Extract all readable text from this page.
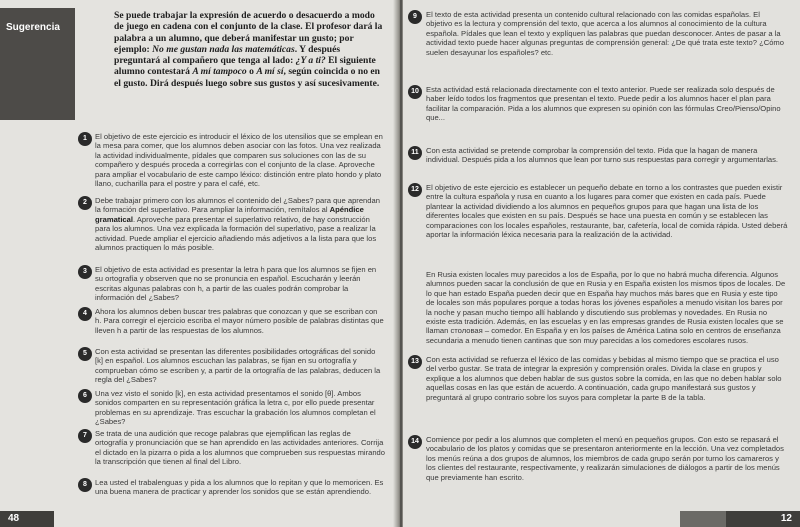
Sugerencia

Se puede trabajar la expresión de acuerdo o desacuerdo a modo de juego en cadena con el conjunto de la clase. El profesor dará la palabra a un alumno, que deberá manifestar un gusto; por ejemplo: No me gustan nada las matemáticas. Y después preguntará al compañero que tenga al lado: ¿Y a ti? El siguiente alumno contestará A mí tampoco o A mí sí, según coincida o no en el gusto. Dirá después luego sobre sus gustos y así sucesivamente.

1	El objetivo de este ejercicio es introducir el léxico de los utensilios que se emplean en la mesa para comer, que los alumnos deben asociar con las fotos. Una vez realizada la actividad individualmente, pídales que comparen sus soluciones con las de su compañero y después proceda a corregirlas con el conjunto de la clase. Aproveche para ampliar el vocabulario de este campo léxico: distinción entre plato hondo y plato llano, cucharilla para el postre y para el café, etc.

2	Debe trabajar primero con los alumnos el contenido del ¿Sabes? para que aprendan la formación del superlativo. Para ampliar la información, remítalos al Apéndice gramatical. Aproveche para presentar el superlativo relativo, de hay construcción para los alumnos. Una vez explicada la formación del superlativo, pase a realizar la actividad. Puede ampliar el ejercicio añadiendo más adjetivos a la lista para que los alumnos practiquen lo más posible.

3	El objetivo de esta actividad es presentar la letra h para que los alumnos se fijen en su ortografía y observen que no se pronuncia en español. Escucharán y leerán escritas algunas palabras con h, a partir de las cuales podrán comprobar la información del ¿Sabes?

4	Ahora los alumnos deben buscar tres palabras que conozcan y que se escriban con h. Para corregir el ejercicio escriba el mayor número posible de palabras distintas que lleven h a partir de las respuestas de los alumnos.

5	Con esta actividad se presentan las diferentes posibilidades ortográficas del sonido [k] en español. Los alumnos escuchan las palabras, se fijan en su ortografía y comprueban cómo se escriben y, a partir de la ortografía de las palabras, deducen la regla del ¿Sabes?

6	Una vez visto el sonido [k], en esta actividad presentamos el sonido [θ]. Ambos sonidos comparten en su representación gráfica la letra c, por ello puede presentar problemas en su aprendizaje. Tras escuchar la grabación los alumnos completan el ¿Sabes?

7	Se trata de una audición que recoge palabras que ejemplifican las reglas de ortografía y pronunciación que se han aprendido en las actividades anteriores. Corrija el dictado en la pizarra o pida a los alumnos que comprueben sus respuestas mirando la transcripción que tienen al final del Libro.

8	Lea usted el trabalenguas y pida a los alumnos que lo repitan y que lo memoricen. Es una buena manera de practicar y aprender los sonidos que se están aprendiendo.

48
9	El texto de esta actividad presenta un contenido cultural relacionado con las comidas españolas. El objetivo es la lectura y comprensión del texto, que acerca a los alumnos al conocimiento de la cultura española. Pídales que lean el texto y explíquen las palabras que puedan desconocer. Antes de pasar a la actividad texto puede hacer algunas preguntas de comprensión general: ¿De qué trata este texto? ¿Cómo suelen desayunar los españoles? etc.

10 Esta actividad está relacionada directamente con el texto anterior. Puede ser realizada solo después de haber leído todos los fragmentos que presentan el texto. Puede pedir a los alumnos hacer el plan para facilitar la comparación. Pida a los alumnos que expresen su opinión con las fórmulas Creo/Pienso/Opino que...

11 Con esta actividad se pretende comprobar la comprensión del texto. Pida que la hagan de manera individual. Después pida a los alumnos que lean por turno sus respuestas para corregir y argumentarlas.

12 El objetivo de este ejercicio es establecer un pequeño debate en torno a los contrastes que pueden existir entre la cultura española y rusa en cuanto a los lugares para comer que existen en cada país. Puede plantear la actividad dividiendo a los alumnos en pequeños grupos para que hagan una lista de los diferentes locales que existen en su país. Después se hace una puesta en común y se establecen las comparaciones con los locales españoles, restaurante, bar, cafetería, local de comida rápida. Usted deberá aportar la información léxica necesaria para la realización de la actividad.

En Rusia existen locales muy parecidos a los de España, por lo que no habrá mucha diferencia. Algunos alumnos pueden sacar la conclusión de que en Rusia y en España existen los mismos tipos de locales. De lo que han estado España pueden decir que en España hay muchos más bares que en Rusia y este tipo de locales son más populares porque a todas horas los jóvenes españoles a menudo visitan los bares por la noche y pasan mucho tiempo allí hablando y discutiendo sus problemas y novedades. En Rusia no existe esta tradición. Además, en las escuelas y en las empresas grandes de Rusia existen locales que se llaman столовая – comedor. En España y en los países de América Latina solo en centros de enseñanza secundaria a menudo tienen cantinas que son muy parecidas a los comedores escolares rusos.

13 Con esta actividad se refuerza el léxico de las comidas y bebidas al mismo tiempo que se practica el uso del verbo gustar. Se trata de integrar la expresión y comprensión orales. Divida la clase en grupos y explique a los alumnos que deben hablar de sus gustos sobre la comida, en las que no deben hablar solo aquellas cosas en las que están de acuerdo. A continuación, cada grupo manifestará sus gustos y preguntará al grupo contrario sobre los suyos para completar la parte B de la tabla.

14 Comience por pedir a los alumnos que completen el menú en pequeños grupos. Con esto se repasará el vocabulario de los platos y comidas que se presentaron anteriormente en la lección. Una vez completados los menús reúna a dos grupos de alumnos, los miembros de cada grupo serán por turno los camareros y los clientes del restaurante, respectivamente, y realizarán simulaciones de diálogos a partir de los menús que previamente han escrito.

12
